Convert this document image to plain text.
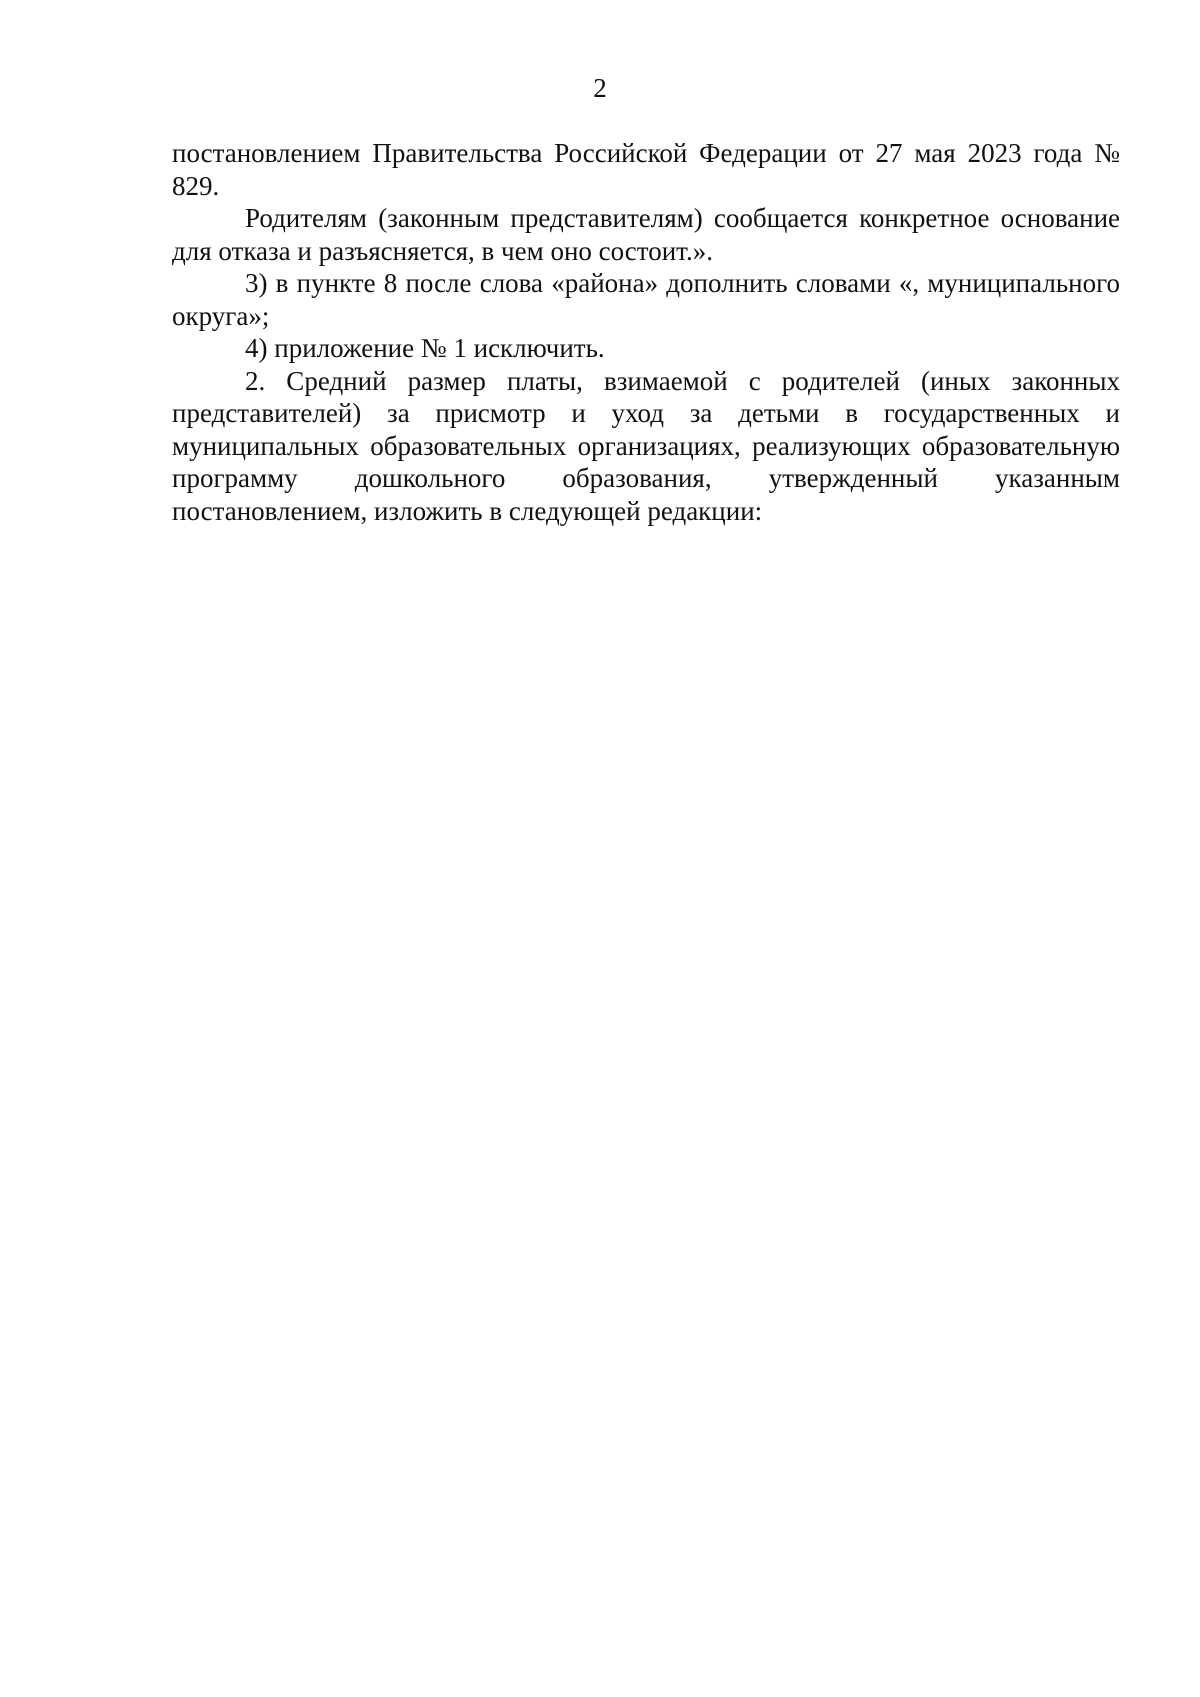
2

постановлением Правительства Российской Федерации от 27 мая 2023 года № 829.

Родителям (законным представителям) сообщается конкретное основание для отказа и разъясняется, в чем оно состоит.».

3) в пункте 8 после слова «района» дополнить словами «, муниципального округа»;

4) приложение № 1 исключить.

2. Средний размер платы, взимаемой с родителей (иных законных представителей) за присмотр и уход за детьми в государственных и муниципальных образовательных организациях, реализующих образовательную программу дошкольного образования, утвержденный указанным постановлением, изложить в следующей редакции:
